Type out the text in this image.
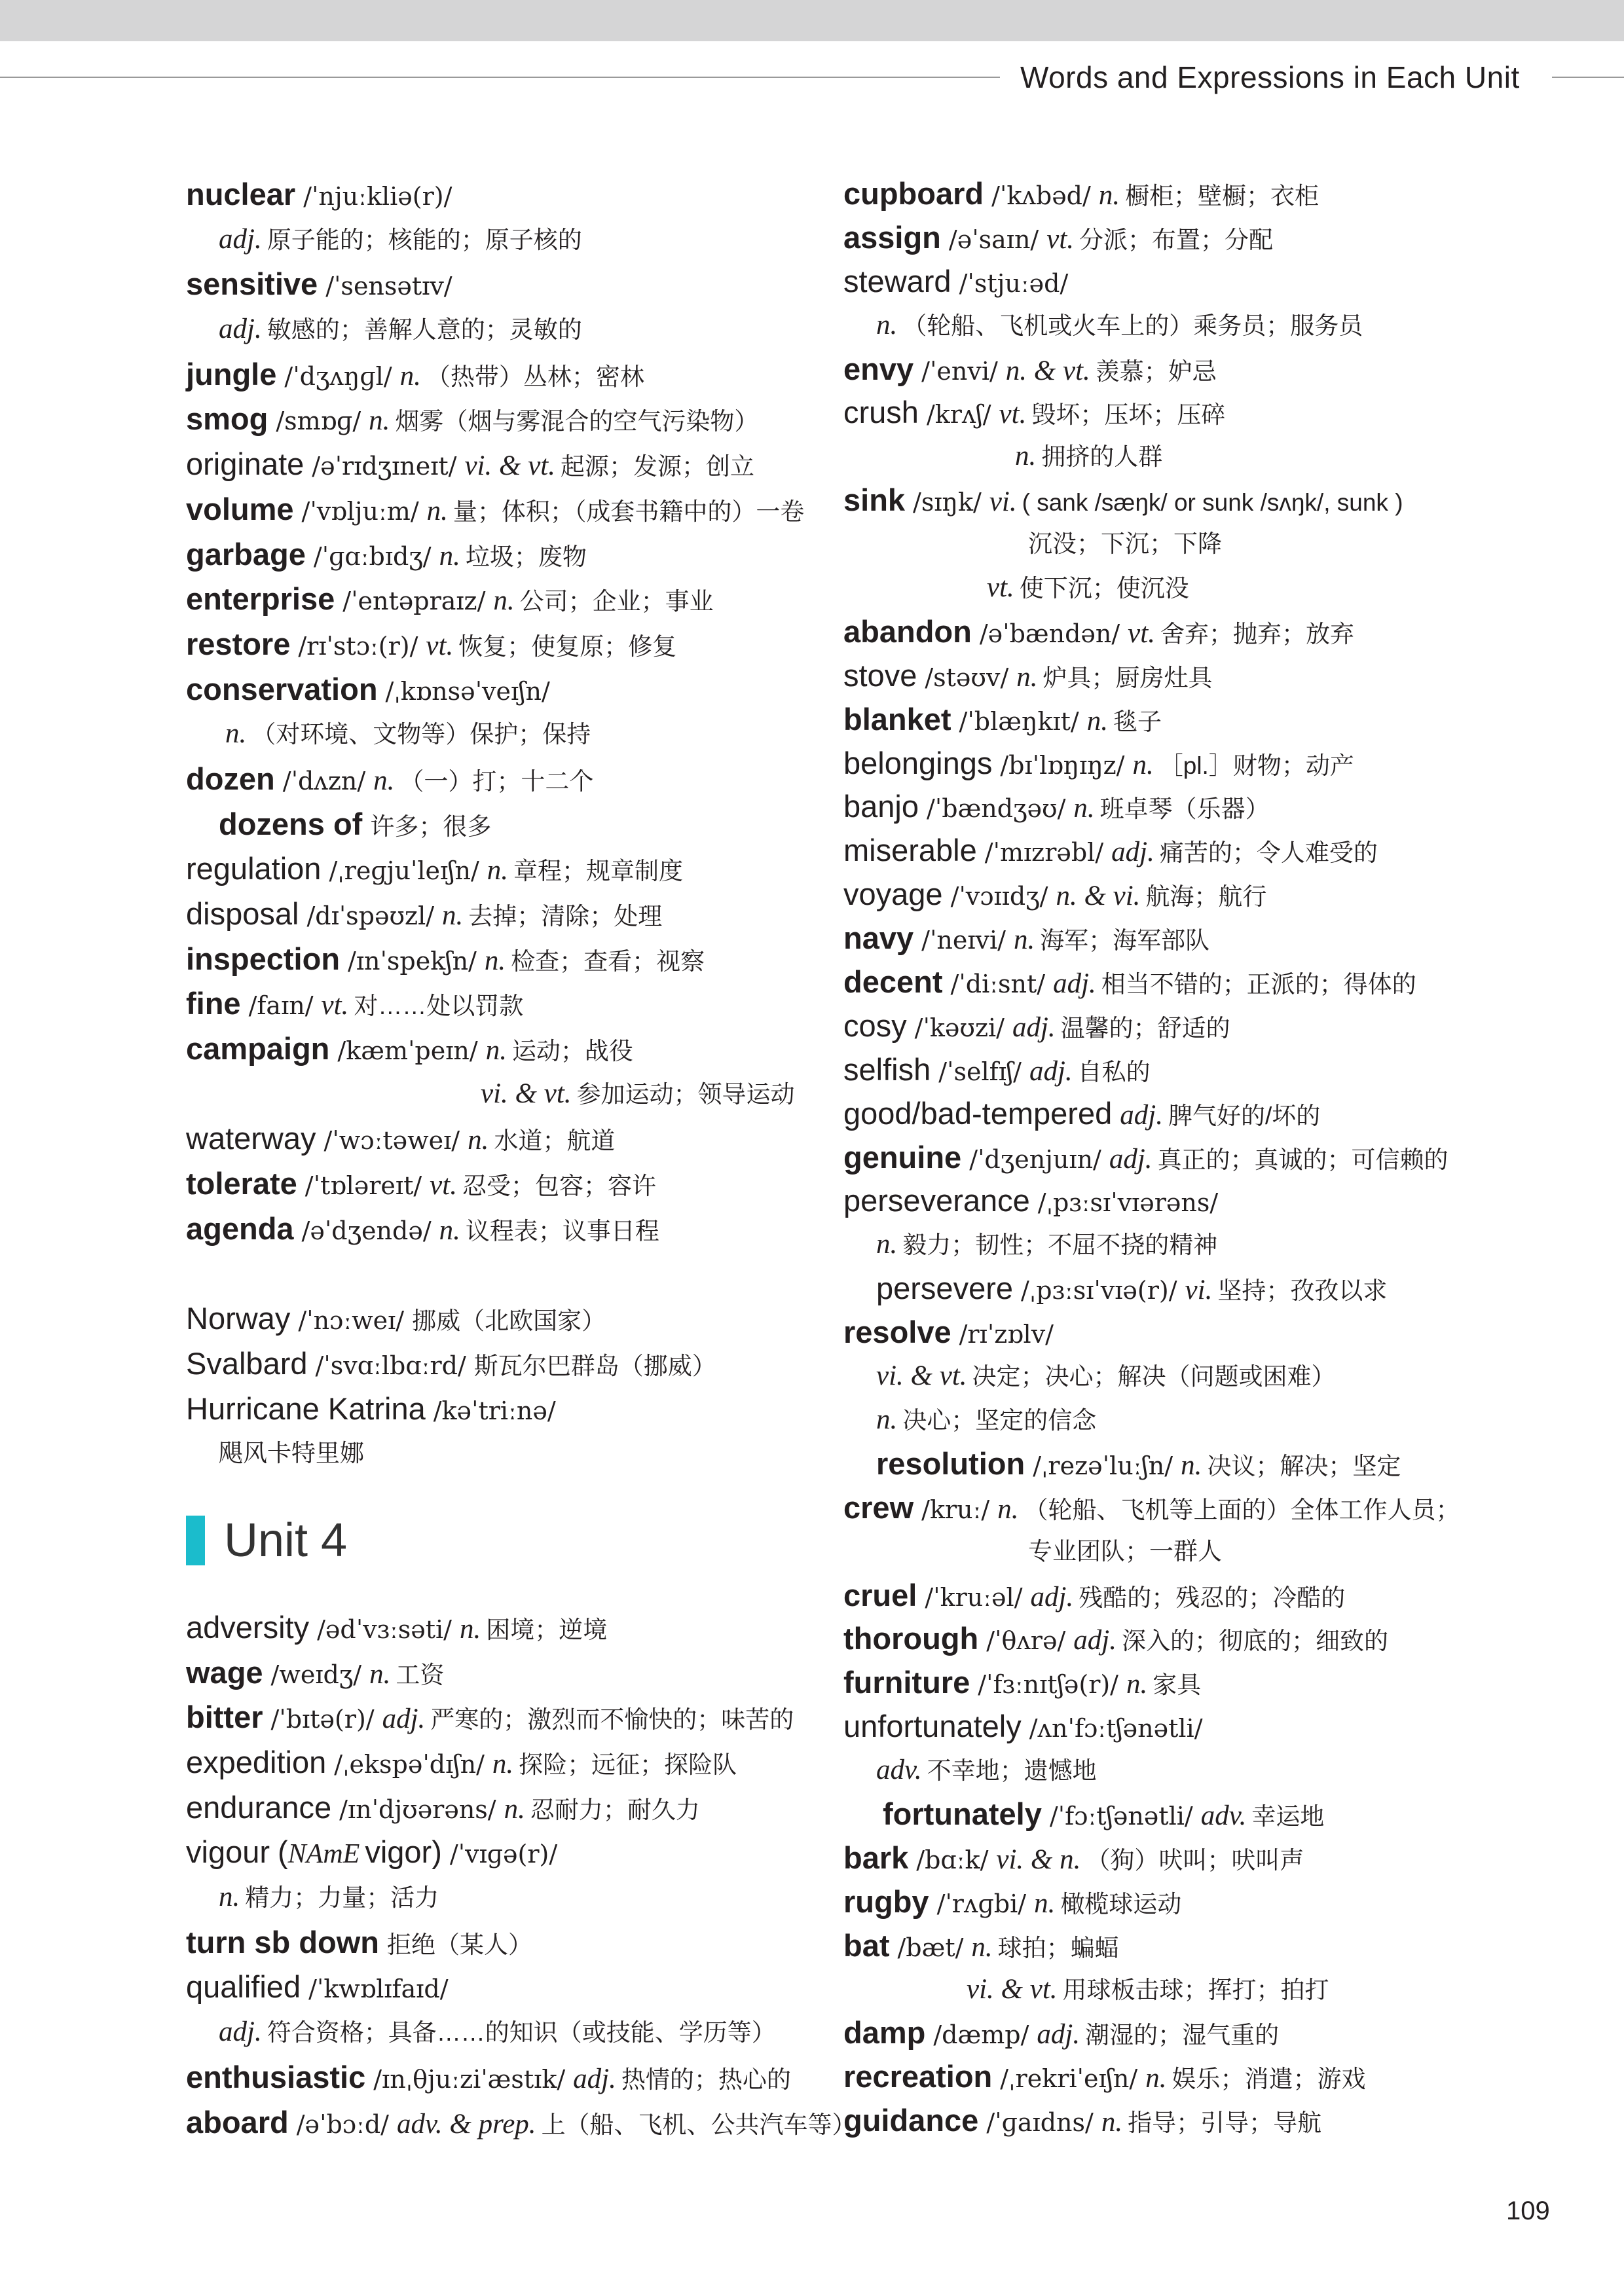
Words and Expressions in Each Unit
nuclear /ˈnjuːkliə(r)/
adj. 原子能的；核能的；原子核的
sensitive /ˈsensətɪv/
adj. 敏感的；善解人意的；灵敏的
jungle /ˈdʒʌŋɡl/ n. （热带）丛林；密林
smog /smɒɡ/ n. 烟雾（烟与雾混合的空气污染物）
originate /əˈrɪdʒɪneɪt/ vi. & vt. 起源；发源；创立
volume /ˈvɒljuːm/ n. 量；体积；（成套书籍中的）一卷
garbage /ˈɡɑːbɪdʒ/ n. 垃圾；废物
enterprise /ˈentəpraɪz/ n. 公司；企业；事业
restore /rɪˈstɔː(r)/ vt. 恢复；使复原；修复
conservation /ˌkɒnsəˈveɪʃn/
n. （对环境、文物等）保护；保持
dozen /ˈdʌzn/ n. （一）打；十二个
dozens of 许多；很多
regulation /ˌreɡjuˈleɪʃn/ n. 章程；规章制度
disposal /dɪˈspəʊzl/ n. 去掉；清除；处理
inspection /ɪnˈspekʃn/ n. 检查；查看；视察
fine /faɪn/ vt. 对……处以罚款
campaign /kæmˈpeɪn/ n. 运动；战役
vi. & vt. 参加运动；领导运动
waterway /ˈwɔːtəweɪ/ n. 水道；航道
tolerate /ˈtɒləreɪt/ vt. 忍受；包容；容许
agenda /əˈdʒendə/ n. 议程表；议事日程
Norway /ˈnɔːweɪ/ 挪威（北欧国家）
Svalbard /ˈsvɑːlbɑːrd/ 斯瓦尔巴群岛（挪威）
Hurricane Katrina /kəˈtriːnə/
飓风卡特里娜
Unit 4
adversity /ədˈvɜːsəti/ n. 困境；逆境
wage /weɪdʒ/ n. 工资
bitter /ˈbɪtə(r)/ adj. 严寒的；激烈而不愉快的；味苦的
expedition /ˌekspəˈdɪʃn/ n. 探险；远征；探险队
endurance /ɪnˈdjʊərəns/ n. 忍耐力；耐久力
vigour (NAmE vigor) /ˈvɪɡə(r)/
n. 精力；力量；活力
turn sb down 拒绝（某人）
qualified /ˈkwɒlɪfaɪd/
adj. 符合资格；具备……的知识（或技能、学历等）
enthusiastic /ɪnˌθjuːziˈæstɪk/ adj. 热情的；热心的
aboard /əˈbɔːd/ adv. & prep. 上（船、飞机、公共汽车等）
cupboard /ˈkʌbəd/ n. 橱柜；壁橱；衣柜
assign /əˈsaɪn/ vt. 分派；布置；分配
steward /ˈstjuːəd/
n. （轮船、飞机或火车上的）乘务员；服务员
envy /ˈenvi/ n. & vt. 羡慕；妒忌
crush /krʌʃ/ vt. 毁坏；压坏；压碎
n. 拥挤的人群
sink /sɪŋk/ vi. ( sank /sæŋk/ or sunk /sʌŋk/, sunk )
沉没；下沉；下降
vt. 使下沉；使沉没
abandon /əˈbændən/ vt. 舍弃；抛弃；放弃
stove /stəʊv/ n. 炉具；厨房灶具
blanket /ˈblæŋkɪt/ n. 毯子
belongings /bɪˈlɒŋɪŋz/ n. ［pl.］财物；动产
banjo /ˈbændʒəʊ/ n. 班卓琴（乐器）
miserable /ˈmɪzrəbl/ adj. 痛苦的；令人难受的
voyage /ˈvɔɪɪdʒ/ n. & vi. 航海；航行
navy /ˈneɪvi/ n. 海军；海军部队
decent /ˈdiːsnt/ adj. 相当不错的；正派的；得体的
cosy /ˈkəʊzi/ adj. 温馨的；舒适的
selfish /ˈselfɪʃ/ adj. 自私的
good/bad-tempered adj. 脾气好的/坏的
genuine /ˈdʒenjuɪn/ adj. 真正的；真诚的；可信赖的
perseverance /ˌpɜːsɪˈvɪərəns/
n. 毅力；韧性；不屈不挠的精神
persevere /ˌpɜːsɪˈvɪə(r)/ vi. 坚持；孜孜以求
resolve /rɪˈzɒlv/
vi. & vt. 决定；决心；解决（问题或困难）
n. 决心；坚定的信念
resolution /ˌrezəˈluːʃn/ n. 决议；解决；坚定
crew /kruː/ n. （轮船、飞机等上面的）全体工作人员；
专业团队；一群人
cruel /ˈkruːəl/ adj. 残酷的；残忍的；冷酷的
thorough /ˈθʌrə/ adj. 深入的；彻底的；细致的
furniture /ˈfɜːnɪtʃə(r)/ n. 家具
unfortunately /ʌnˈfɔːtʃənətli/
adv. 不幸地；遗憾地
fortunately /ˈfɔːtʃənətli/ adv. 幸运地
bark /bɑːk/ vi. & n. （狗）吠叫；吠叫声
rugby /ˈrʌɡbi/ n. 橄榄球运动
bat /bæt/ n. 球拍；蝙蝠
vi. & vt. 用球板击球；挥打；拍打
damp /dæmp/ adj. 潮湿的；湿气重的
recreation /ˌrekriˈeɪʃn/ n. 娱乐；消遣；游戏
guidance /ˈɡaɪdns/ n. 指导；引导；导航
109
